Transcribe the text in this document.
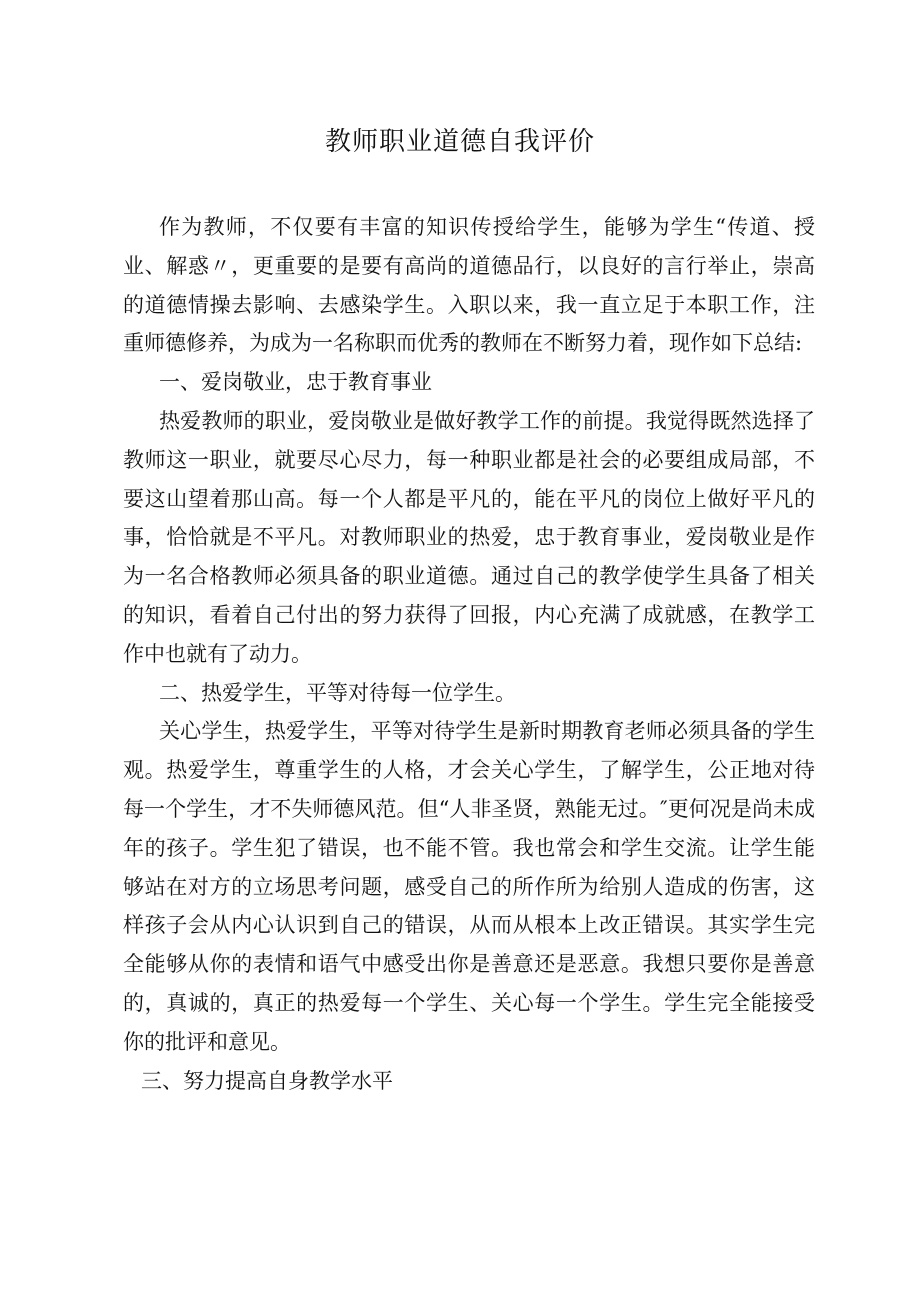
教师职业道德自我评价

作为教师，不仅要有丰富的知识传授给学生，能够为学生“传道、授业、解惑〃，更重要的是要有高尚的道德品行，以良好的言行举止，崇高的道德情操去影响、去感染学生。入职以来，我一直立足于本职工作，注重师德修养，为成为一名称职而优秀的教师在不断努力着，现作如下总结:

一、爱岗敬业，忠于教育事业

热爱教师的职业，爱岗敬业是做好教学工作的前提。我觉得既然选择了教师这一职业，就要尽心尽力，每一种职业都是社会的必要组成局部，不要这山望着那山高。每一个人都是平凡的，能在平凡的岗位上做好平凡的事，恰恰就是不平凡。对教师职业的热爱，忠于教育事业，爱岗敬业是作为一名合格教师必须具备的职业道德。通过自己的教学使学生具备了相关的知识，看着自己付出的努力获得了回报，内心充满了成就感，在教学工作中也就有了动力。

二、热爱学生，平等对待每一位学生。

关心学生，热爱学生，平等对待学生是新时期教育老师必须具备的学生观。热爱学生，尊重学生的人格，才会关心学生，了解学生，公正地对待每一个学生，才不失师德风范。但“人非圣贤，熟能无过。″更何况是尚未成年的孩子。学生犯了错误，也不能不管。我也常会和学生交流。让学生能够站在对方的立场思考问题，感受自己的所作所为给别人造成的伤害，这样孩子会从内心认识到自己的错误，从而从根本上改正错误。其实学生完全能够从你的表情和语气中感受出你是善意还是恶意。我想只要你是善意的，真诚的，真正的热爱每一个学生、关心每一个学生。学生完全能接受你的批评和意见。

三、努力提高自身教学水平
